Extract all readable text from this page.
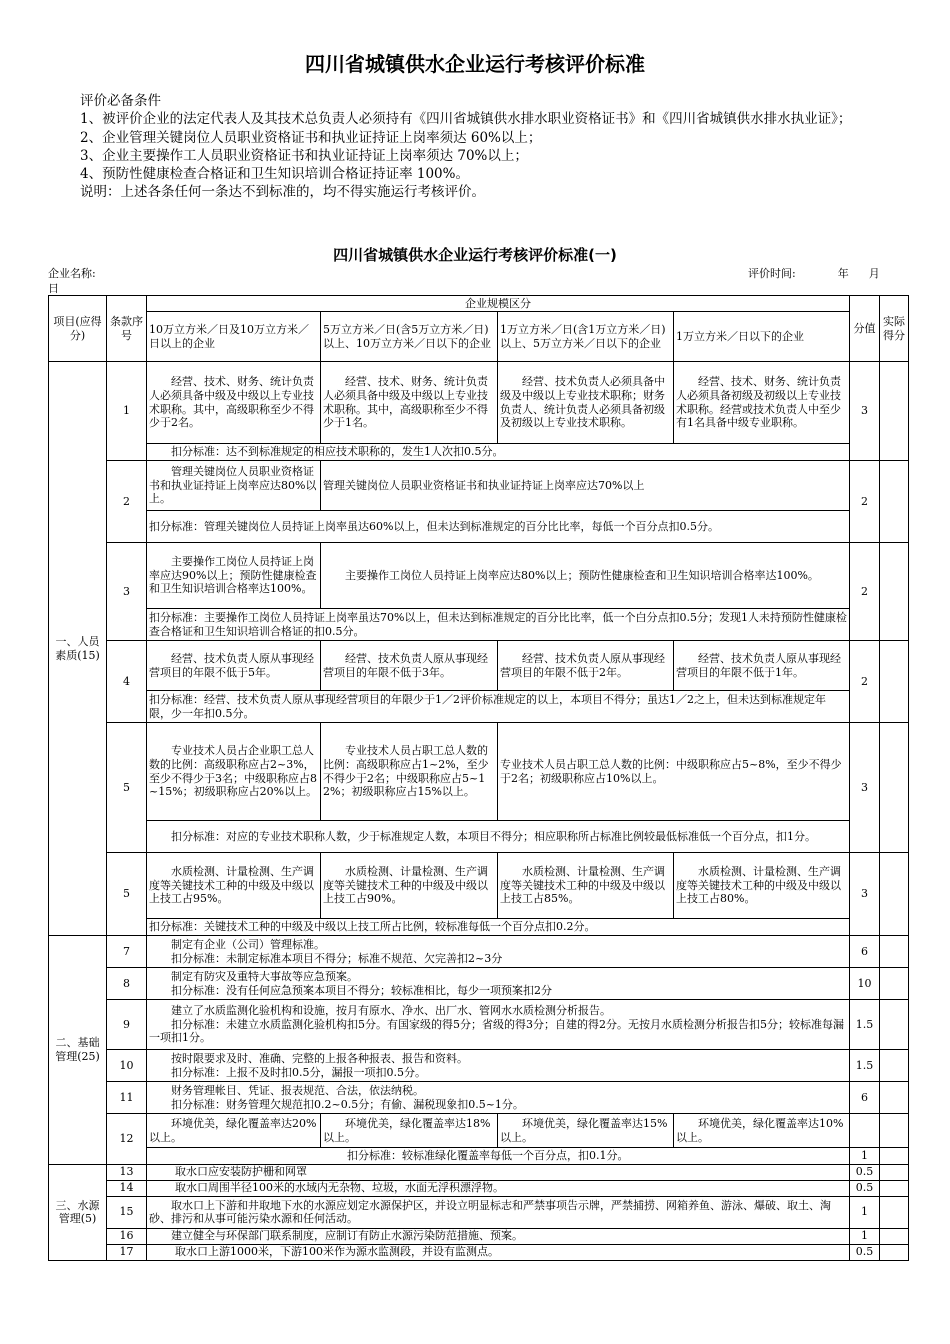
四川省城镇供水企业运行考核评价标准

评价必备条件

1、被评价企业的法定代表人及其技术总负责人必须持有《四川省城镇供水排水职业资格证书》和《四川省城镇供水排水执业证》；

2、企业管理关键岗位人员职业资格证书和执业证持证上岗率须达 60%以上；

3、企业主要操作工人员职业资格证书和执业证持证上岗率须达 70%以上；

4、预防性健康检查合格证和卫生知识培训合格证持证率 100%。

说明：上述各条任何一条达不到标准的，均不得实施运行考核评价。

四川省城镇供水企业运行考核评价标准(一)
企业名称:	评价时间:	年 月
日
项目(应得分)	条款序号	企业规模区分				分值	实际得分
		10万立方米／日及10万立方米／日以上的企业	5万立方米／日(含5万立方米／日)以上、10万立方米／日以下的企业	1万立方米／日(含1万立方米／日)以上、5万立方米／日以下的企业	1万立方米／日以下的企业		
一、人员素质(15)	1	经营、技术、财务、统计负责人必须具备中级及中级以上专业技术职称。其中，高级职称至少不得少于2名。	经营、技术、财务、统计负责人必须具备中级及中级以上专业技术职称。其中，高级职称至少不得少于1名。	经营、技术负责人必须具备中级及中级以上专业技术职称；财务负责人、统计负责人必须具备初级及初级以上专业技术职称。	经营、技术、财务、统计负责人必须具备初级及初级以上专业技术职称。经营或技术负责人中至少有1名具备中级专业职称。	3	
		扣分标准：达不到标准规定的相应技术职称的，发生1人次扣0.5分。					
	2	管理关键岗位人员职业资格证书和执业证持证上岗率应达80%以上。	管理关键岗位人员职业资格证书和执业证持证上岗率应达70%以上			2	
		扣分标准：管理关键岗位人员持证上岗率虽达60%以上，但未达到标准规定的百分比比率，每低一个百分点扣0.5分。					
	3	主要操作工岗位人员持证上岗率应达90%以上；预防性健康检查和卫生知识培训合格率达100%。	主要操作工岗位人员持证上岗率应达80%以上；预防性健康检查和卫生知识培训合格率达100%。			2	
		扣分标准：主要操作工岗位人员持证上岗率虽达70%以上，但未达到标准规定的百分比比率，低一个白分点扣0.5分；发现1人未持预防性健康检查合格证和卫生知识培训合格证的扣0.5分。					
	4	经营、技术负责人原从事现经营项目的年限不低于5年。	经营、技术负责人原从事现经营项目的年限不低于3年。	经营、技术负责人原从事现经营项目的年限不低于2年。	经营、技术负责人原从事现经营项目的年限不低于1年。	2	
		扣分标准：经营、技术负责人原从事现经营项目的年限少于1／2评价标准规定的以上，本项目不得分；虽达1／2之上，但未达到标准规定年限，少一年扣0.5分。					
	5	专业技术人员占企业职工总人数的比例：高级职称应占2~3%，至少不得少于3名；中级职称应占8~15%；初级职称应占20%以上。	专业技术人员占职工总人数的比例：高级职称应占1~2%，至少不得少于2名；中级职称应占5~12%；初级职称应占15%以上。	专业技术人员占职工总人数的比例：中级职称应占5~8%，至少不得少于2名；初级职称应占10%以上。		3	
		扣分标准：对应的专业技术职称人数，少于标准规定人数，本项目不得分；相应职称所占标准比例较最低标准低一个百分点，扣1分。					
	5	水质检测、计量检测、生产调度等关键技术工种的中级及中级以上技工占95%。	水质检测、计量检测、生产调度等关键技术工种的中级及中级以上技工占90%。	水质检测、计量检测、生产调度等关键技术工种的中级及中级以上技工占85%。	水质检测、计量检测、生产调度等关键技术工种的中级及中级以上技工占80%。	3	
		扣分标准：关键技术工种的中级及中级以上技工所占比例，较标准每低一个百分点扣0.2分。					
二、基础管理(25)	7	制定有企业（公司）管理标准。
扣分标准：未制定标准本项目不得分；标准不规范、欠完善扣2~3分				6	
	8	制定有防灾及重特大事故等应急预案。
扣分标准：没有任何应急预案本项目不得分；较标准相比，每少一项预案扣2分				10	
	9	建立了水质监测化验机构和设施，按月有原水、净水、出厂水、管网水水质检测分析报告。
扣分标准：未建立水质监测化验机构扣5分。有国家级的得5分；省级的得3分；自建的得2分。无按月水质检测分析报告扣5分；较标准每漏一项扣1分。				1.5	
	10	按时限要求及时、准确、完整的上报各种报表、报告和资料。
扣分标准：上报不及时扣0.5分，漏报一项扣0.5分。				1.5	
	11	财务管理帐目、凭证、报表规范、合法，依法纳税。
扣分标准：财务管理欠规范扣0.2~0.5分；有偷、漏税现象扣0.5~1分。				6	
	12	环境优美，绿化覆盖率达20%以上。	环境优美，绿化覆盖率达18%以上。	环境优美，绿化覆盖率达15%以上。	环境优美，绿化覆盖率达10%以上。		
		扣分标准：较标准绿化覆盖率每低一个百分点，扣0.1分。				1	
三、水源管理(5)	13	取水口应安装防护栅和网罩				0.5	
	14	取水口周围半径100米的水域内无杂物、垃圾，水面无浮积漂浮物。				0.5	
	15	取水口上下游和井取地下水的水源应划定水源保护区，并设立明显标志和严禁事项告示牌，严禁捕捞、网箱养鱼、游泳、爆破、取土、淘砂、排污和从事可能污染水源和任何活动。				1	
	16	建立健全与环保部门联系制度，应制订有防止水源污染防范措施、预案。				1	
	17	取水口上游1000米，下游100米作为源水监测段，并设有监测点。				0.5	
